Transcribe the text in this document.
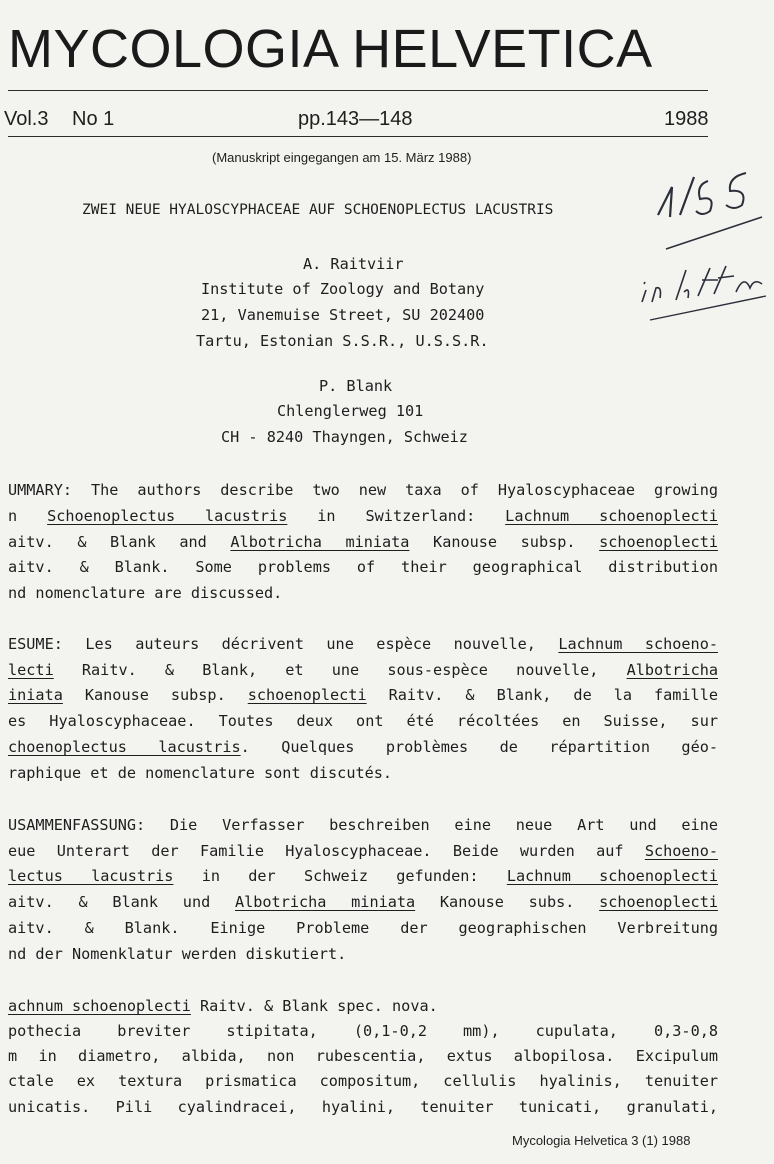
MYCOLOGIA HELVETICA
Vol.3 No 1	pp.143—148	1988
(Manuskript eingegangen am 15. März 1988)
ZWEI NEUE HYALOSCYPHACEAE AUF SCHOENOPLECTUS LACUSTRIS
A. Raitviir
Institute of Zoology and Botany
21, Vanemuise Street, SU 202400
Tartu, Estonian S.S.R., U.S.S.R.
P. Blank
Chlenglerweg 101
CH - 8240 Thayngen, Schweiz
UMMARY: The authors describe two new taxa of Hyaloscyphaceae growing
n Schoenoplectus lacustris in Switzerland: Lachnum schoenoplecti
aitv. & Blank and Albotricha miniata Kanouse subsp. schoenoplecti
aitv. & Blank. Some problems of their geographical distribution
nd nomenclature are discussed.
ESUME: Les auteurs décrivent une espèce nouvelle, Lachnum schoeno-
lecti Raitv. & Blank, et une sous-espèce nouvelle, Albotricha
iniata Kanouse subsp. schoenoplecti Raitv. & Blank, de la famille
es Hyaloscyphaceae. Toutes deux ont été récoltées en Suisse, sur
choenoplectus lacustris. Quelques problèmes de répartition géo-
raphique et de nomenclature sont discutés.
USAMMENFASSUNG: Die Verfasser beschreiben eine neue Art und eine
eue Unterart der Familie Hyaloscyphaceae. Beide wurden auf Schoeno-
lectus lacustris in der Schweiz gefunden: Lachnum schoenoplecti
aitv. & Blank und Albotricha miniata Kanouse subs. schoenoplecti
aitv. & Blank. Einige Probleme der geographischen Verbreitung
nd der Nomenklatur werden diskutiert.
achnum schoenoplecti Raitv. & Blank spec. nova.
pothecia breviter stipitata, (0,1-0,2 mm), cupulata, 0,3-0,8
m in diametro, albida, non rubescentia, extus albopilosa. Excipulum
ctale ex textura prismatica compositum, cellulis hyalinis, tenuiter
unicatis. Pili cyalindracei, hyalini, tenuiter tunicati, granulati,
Mycologia Helvetica 3 (1) 1988
